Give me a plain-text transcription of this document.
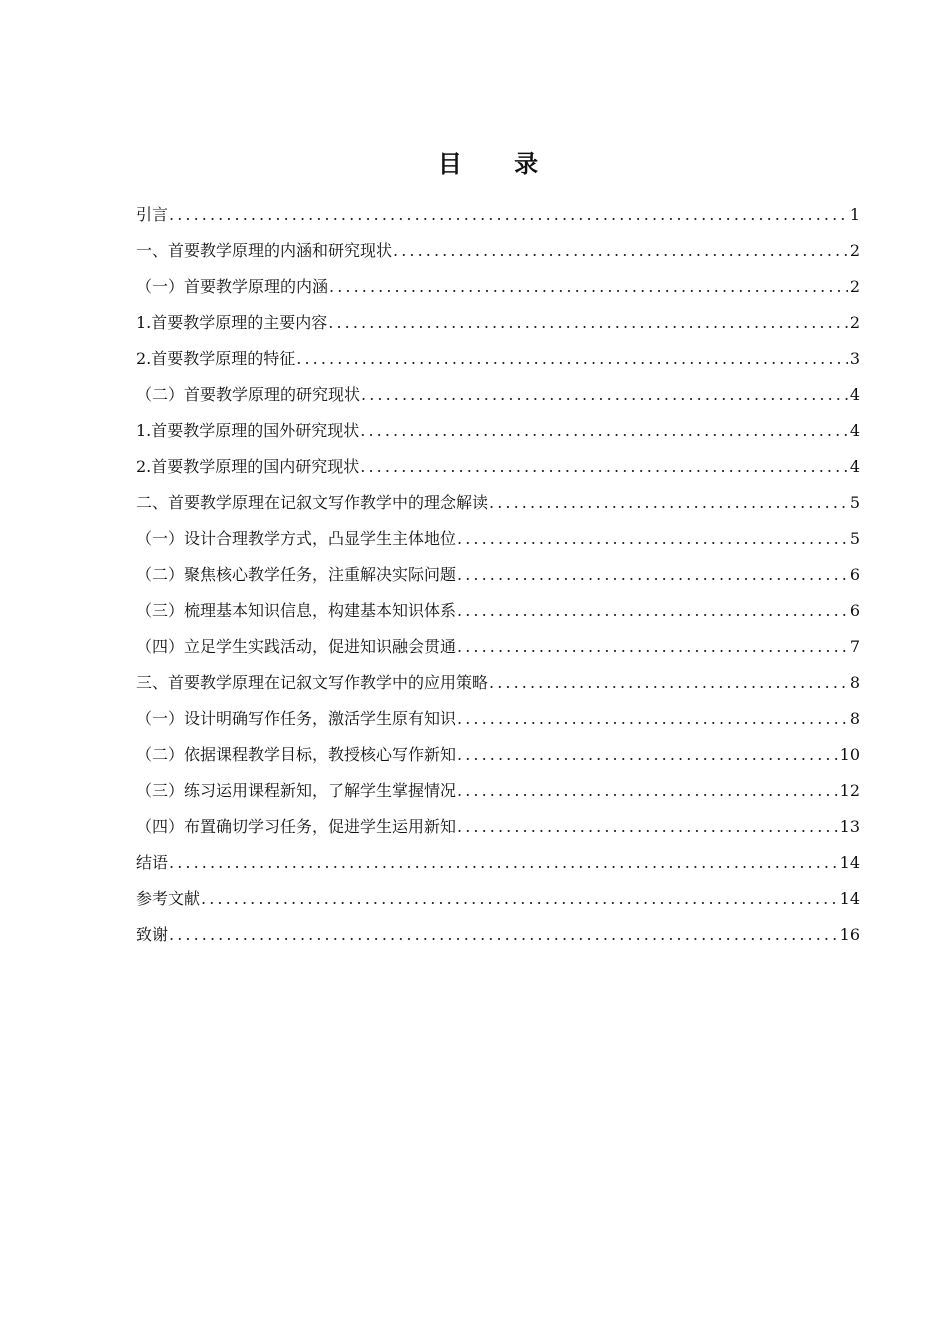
目 录
引言 .....	1
一、首要教学原理的内涵和研究现状 .....	2
（一）首要教学原理的内涵 .....	2
1.首要教学原理的主要内容 .....	2
2.首要教学原理的特征 .....	3
（二）首要教学原理的研究现状 .....	4
1.首要教学原理的国外研究现状 .....	4
2.首要教学原理的国内研究现状 .....	4
二、首要教学原理在记叙文写作教学中的理念解读 .....	5
（一）设计合理教学方式，凸显学生主体地位 .....	5
（二）聚焦核心教学任务，注重解决实际问题 .....	6
（三）梳理基本知识信息，构建基本知识体系 .....	6
（四）立足学生实践活动，促进知识融会贯通 .....	7
三、首要教学原理在记叙文写作教学中的应用策略 .....	8
（一）设计明确写作任务，激活学生原有知识 .....	8
（二）依据课程教学目标，教授核心写作新知 .....	10
（三）练习运用课程新知，了解学生掌握情况 .....	12
（四）布置确切学习任务，促进学生运用新知 .....	13
结语 .....	14
参考文献 .....	14
致谢 .....	16
